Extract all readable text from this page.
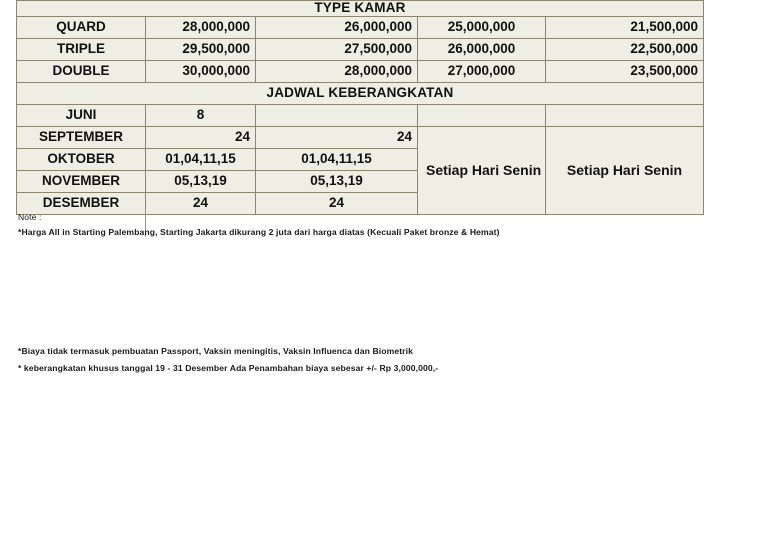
TYPE KAMAR				
QUARD	28,000,000	26,000,000	25,000,000	21,500,000
TRIPLE	29,500,000	27,500,000	26,000,000	22,500,000
DOUBLE	30,000,000	28,000,000	27,000,000	23,500,000
JADWAL KEBERANGKATAN				
JUNI	8			
SEPTEMBER	24	24	Setiap Hari Senin	Setiap Hari Senin
OKTOBER	01,04,11,15	01,04,11,15		
NOVEMBER	05,13,19	05,13,19		
DESEMBER	24	24		
Note :
*Harga All in Starting Palembang, Starting Jakarta dikurang 2 juta dari harga diatas (Kecuali Paket bronze & Hemat)
*Biaya tidak termasuk pembuatan Passport, Vaksin meningitis, Vaksin Influenca dan Biometrik
* keberangkatan khusus tanggal 19 - 31 Desember Ada Penambahan biaya sebesar +/- Rp 3,000,000,-
